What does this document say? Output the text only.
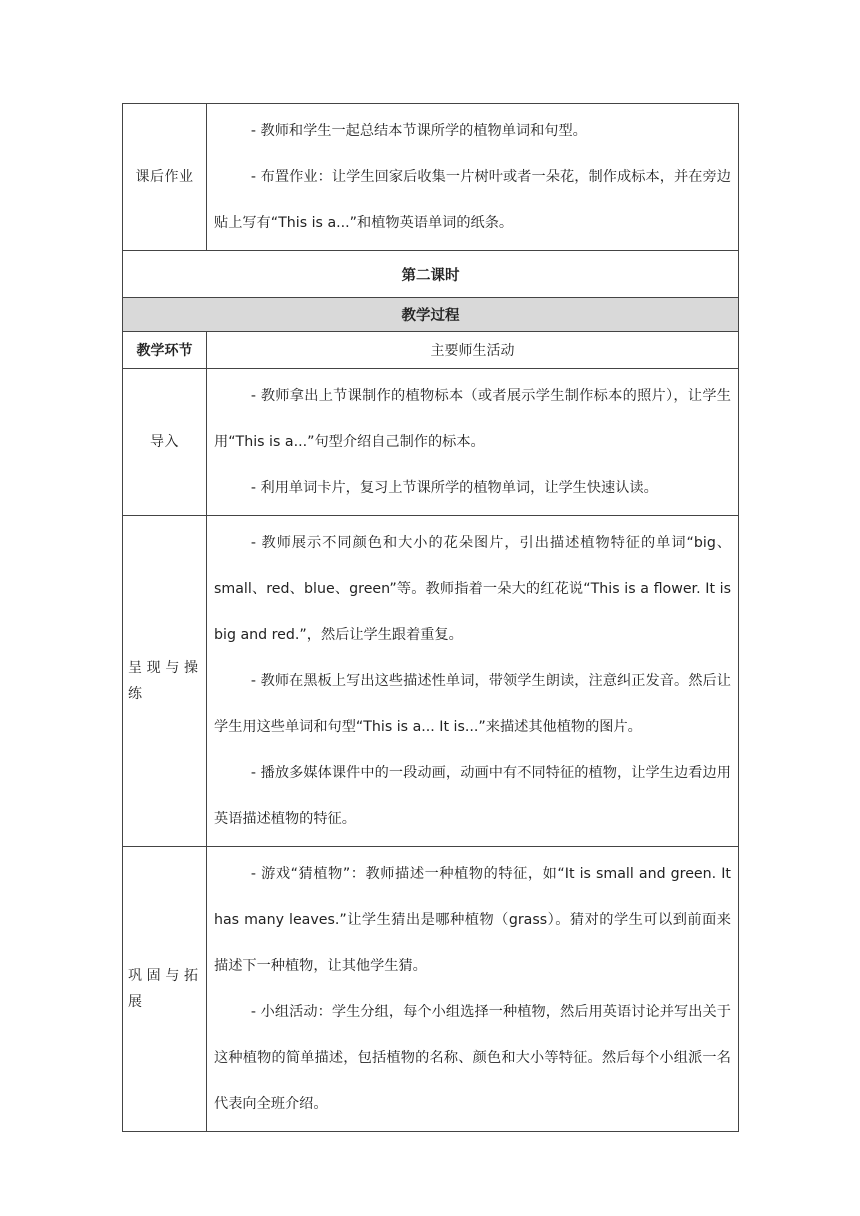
课后作业	- 教师和学生一起总结本节课所学的植物单词和句型。

- 布置作业：让学生回家后收集一片树叶或者一朵花，制作成标本，并在旁边贴上写有“This is a...”和植物英语单词的纸条。

第二课时	
教学过程	
教学环节	主要师生活动
导入	- 教师拿出上节课制作的植物标本（或者展示学生制作标本的照片），让学生用“This is a...”句型介绍自己制作的标本。

- 利用单词卡片，复习上节课所学的植物单词，让学生快速认读。

呈现与操练	- 教师展示不同颜色和大小的花朵图片，引出描述植物特征的单词“big、small、red、blue、green”等。教师指着一朵大的红花说“This is a flower. It is big and red.”，然后让学生跟着重复。

- 教师在黑板上写出这些描述性单词，带领学生朗读，注意纠正发音。然后让学生用这些单词和句型“This is a... It is...”来描述其他植物的图片。

- 播放多媒体课件中的一段动画，动画中有不同特征的植物，让学生边看边用英语描述植物的特征。

巩固与拓展	- 游戏“猜植物”：教师描述一种植物的特征，如“It is small and green. It has many leaves.”让学生猜出是哪种植物（grass）。猜对的学生可以到前面来描述下一种植物，让其他学生猜。

- 小组活动：学生分组，每个小组选择一种植物，然后用英语讨论并写出关于这种植物的简单描述，包括植物的名称、颜色和大小等特征。然后每个小组派一名代表向全班介绍。
